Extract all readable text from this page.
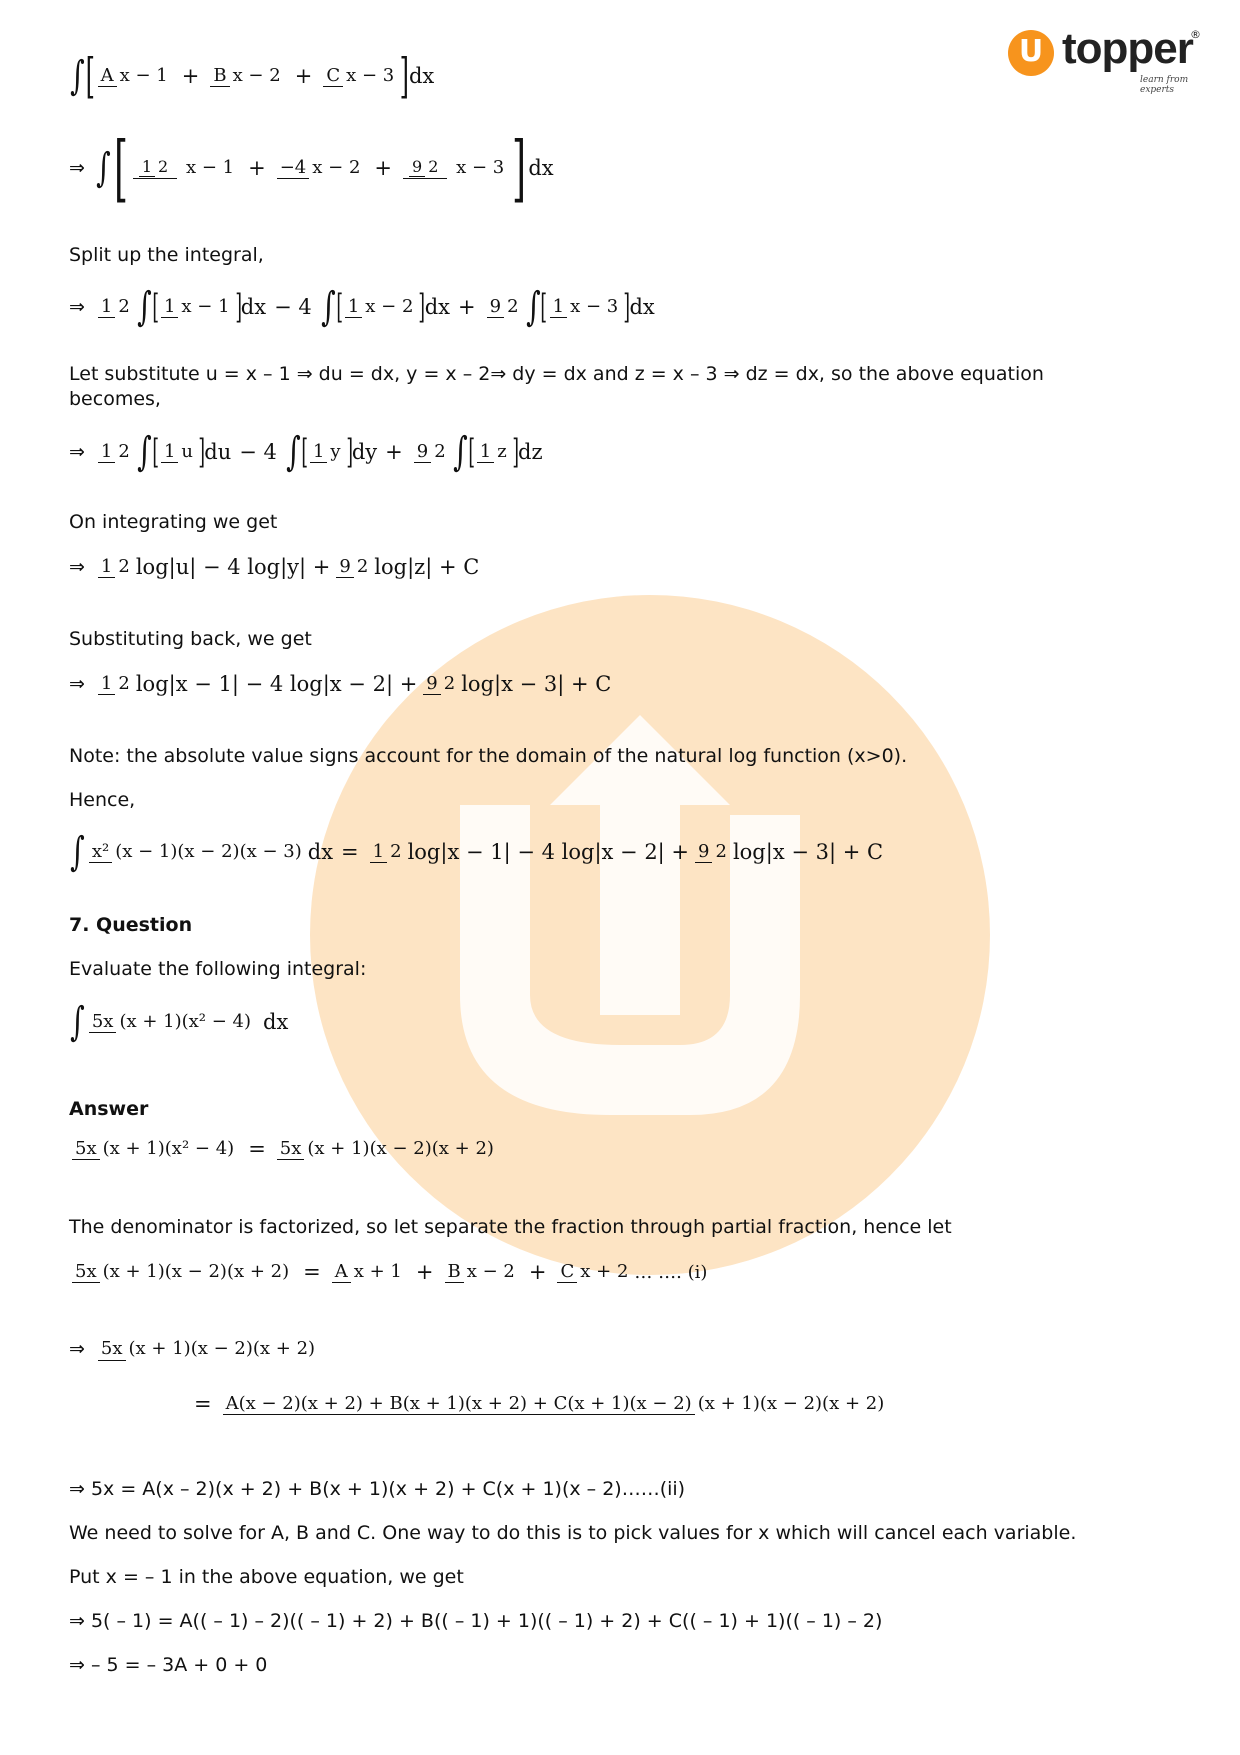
U topper
®
learn from experts
∫ [ A x − 1 + B x − 2 + C x − 3 ] dx
⇒ ∫ [ 1 2 x − 1 + −4 x − 2 +	9 2 x − 3 ] dx
Split up the integral,
⇒ 1 2 ∫ [ 1 x − 1 ] dx − 4 ∫ [ 1 x − 2 ] dx + 9 2 ∫ [ 1 x − 3 ] dx
Let substitute u = x – 1 ⇒ du = dx, y = x – 2⇒ dy = dx and z = x – 3 ⇒ dz = dx, so the above equation becomes,
⇒ 1 2 ∫ [ 1 u ] du − 4 ∫ [ 1 y ] dy + 9 2 ∫ [ 1 z ] dz
On integrating we get
⇒ 1 2 log|u| − 4 log|y| + 9 2 log|z| + C
Substituting back, we get
⇒ 1 2 log|x − 1| − 4 log|x − 2| + 9 2 log|x − 3| + C
Note: the absolute value signs account for the domain of the natural log function (x>0).
Hence,
∫ x² (x − 1)(x − 2)(x − 3) dx = 1 2 log|x − 1| − 4 log|x − 2| + 9 2 log|x − 3| + C
7. Question
Evaluate the following integral:
∫ 5x (x + 1)(x² − 4) dx
Answer
5x (x + 1)(x² − 4) = 5x (x + 1)(x − 2)(x + 2)
The denominator is factorized, so let separate the fraction through partial fraction, hence let
5x (x + 1)(x − 2)(x + 2) = A x + 1 + B x − 2 + C x + 2 … …. (i)
⇒ 5x (x + 1)(x − 2)(x + 2)
= A(x − 2)(x + 2) + B(x + 1)(x + 2) + C(x + 1)(x − 2) (x + 1)(x − 2)(x + 2)
⇒ 5x = A(x – 2)(x + 2) + B(x + 1)(x + 2) + C(x + 1)(x – 2)……(ii)
We need to solve for A, B and C. One way to do this is to pick values for x which will cancel each variable.
Put x = – 1 in the above equation, we get
⇒ 5( – 1) = A(( – 1) – 2)(( – 1) + 2) + B(( – 1) + 1)(( – 1) + 2) + C(( – 1) + 1)(( – 1) – 2)
⇒ – 5 = – 3A + 0 + 0
